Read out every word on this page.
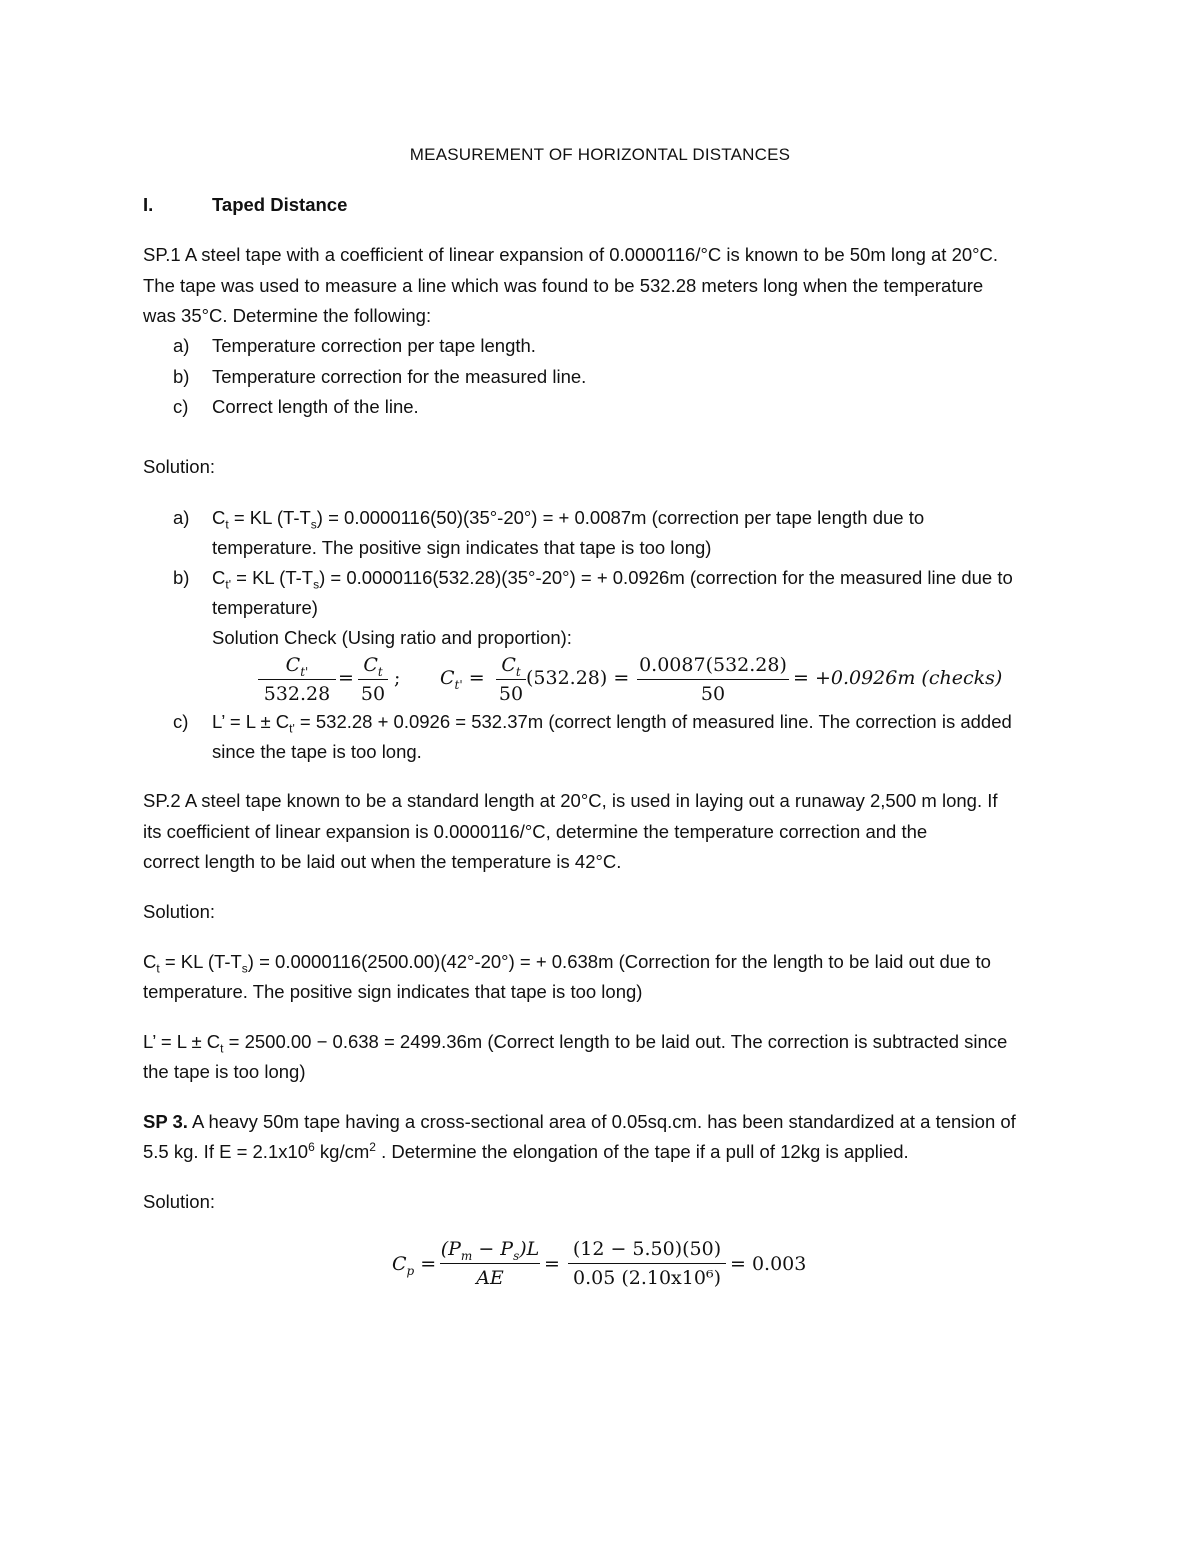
MEASUREMENT OF HORIZONTAL DISTANCES
I.	Taped Distance
SP.1 A steel tape with a coefficient of linear expansion of 0.0000116/°C is known to be 50m long at 20°C.
The tape was used to measure a line which was found to be 532.28 meters long when the temperature
was 35°C. Determine the following:
a) Temperature correction per tape length.
b) Temperature correction for the measured line.
c) Correct length of the line.
Solution:
a) $C_t$ = KL $(T-T_s) = 0.0000116(50)(35^\circ-20^\circ)$ = + 0.0087m (correction per tape length due to
temperature. The positive sign indicates that tape is too long)
b) $C_{t'}$ = KL $(T-T_s) = 0.0000116(532.28)(35^\circ-20^\circ)$ = + 0.0926m (correction for the measured line due to
temperature)
Solution Check (Using ratio and proportion):
$C_{t'}$
532.28
=
$C_t$
50
; $C_{t'}$ =
$C_t$
50
(532.28) =
0.0087(532.28)
50
= +0.0926m (checks)
c) L’ = $L \pm C_{t'} = 532.28 + 0.0926 = 532.37m$ (correct length of measured line. The correction is added
since the tape is too long.
SP.2 A steel tape known to be a standard length at 20°C, is used in laying out a runaway 2,500 m long. If
its coefficient of linear expansion is 0.0000116/°C, determine the temperature correction and the
correct length to be laid out when the temperature is 42°C.
Solution:
$C_t$ = KL $(T-T_s) = 0.0000116(2500.00)(42^\circ-20^\circ)$ = + 0.638m (Correction for the length to be laid out due to
temperature. The positive sign indicates that tape is too long)
L’ = $L \pm C_t = 2500.00 - 0.638 = 2499.36m$ (Correct length to be laid out. The correction is subtracted since
the tape is too long)
SP 3. A heavy 50m tape having a cross-sectional area of 0.05sq.cm. has been standardized at a tension of
5.5 kg. If $E = 2.1x10^6$ $kg/cm^2$ . Determine the elongation of the tape if a pull of 12kg is applied.
Solution:
$C_p$ =
$(P_m - P_s)L$
AE
=
(12 − 5.50)(50)
0.05 (2.10x10⁶)
= 0.003
